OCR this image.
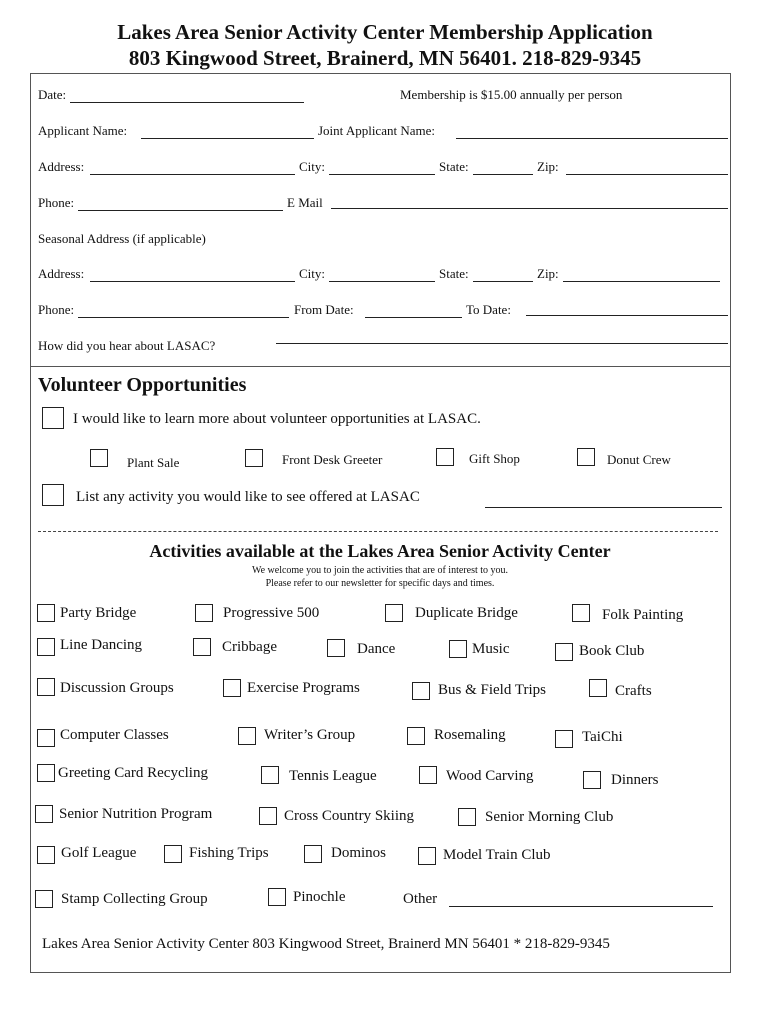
Lakes Area Senior Activity Center Membership Application
803 Kingwood Street, Brainerd, MN 56401. 218-829-9345
Date:	Membership is $15.00 annually per person
Applicant Name:	Joint Applicant Name:
Address:	City:	State:	Zip:
Phone:	E Mail
Seasonal Address (if applicable)
Address:	City:	State:	Zip:
Phone:	From Date:	To Date:
How did you hear about LASAC?
Volunteer Opportunities
I would like to learn more about volunteer opportunities at LASAC.
Plant Sale	Front Desk Greeter	Gift Shop	Donut Crew
List any activity you would like to see offered at LASAC
Activities available at the Lakes Area Senior Activity Center
We welcome you to join the activities that are of interest to you.
Please refer to our newsletter for specific days and times.
Party Bridge	Progressive 500	Duplicate Bridge	Folk Painting
Line Dancing	Cribbage	Dance	Music	Book Club
Discussion Groups	Exercise Programs	Bus & Field Trips	Crafts
Computer Classes	Writer’s Group	Rosemaling	TaiChi
Greeting Card Recycling	Tennis League	Wood Carving	Dinners
Senior Nutrition Program	Cross Country Skiing	Senior Morning Club
Golf League	Fishing Trips	Dominos	Model Train Club
Stamp Collecting Group	Pinochle	Other
Lakes Area Senior Activity Center 803 Kingwood Street, Brainerd MN 56401 * 218-829-9345
